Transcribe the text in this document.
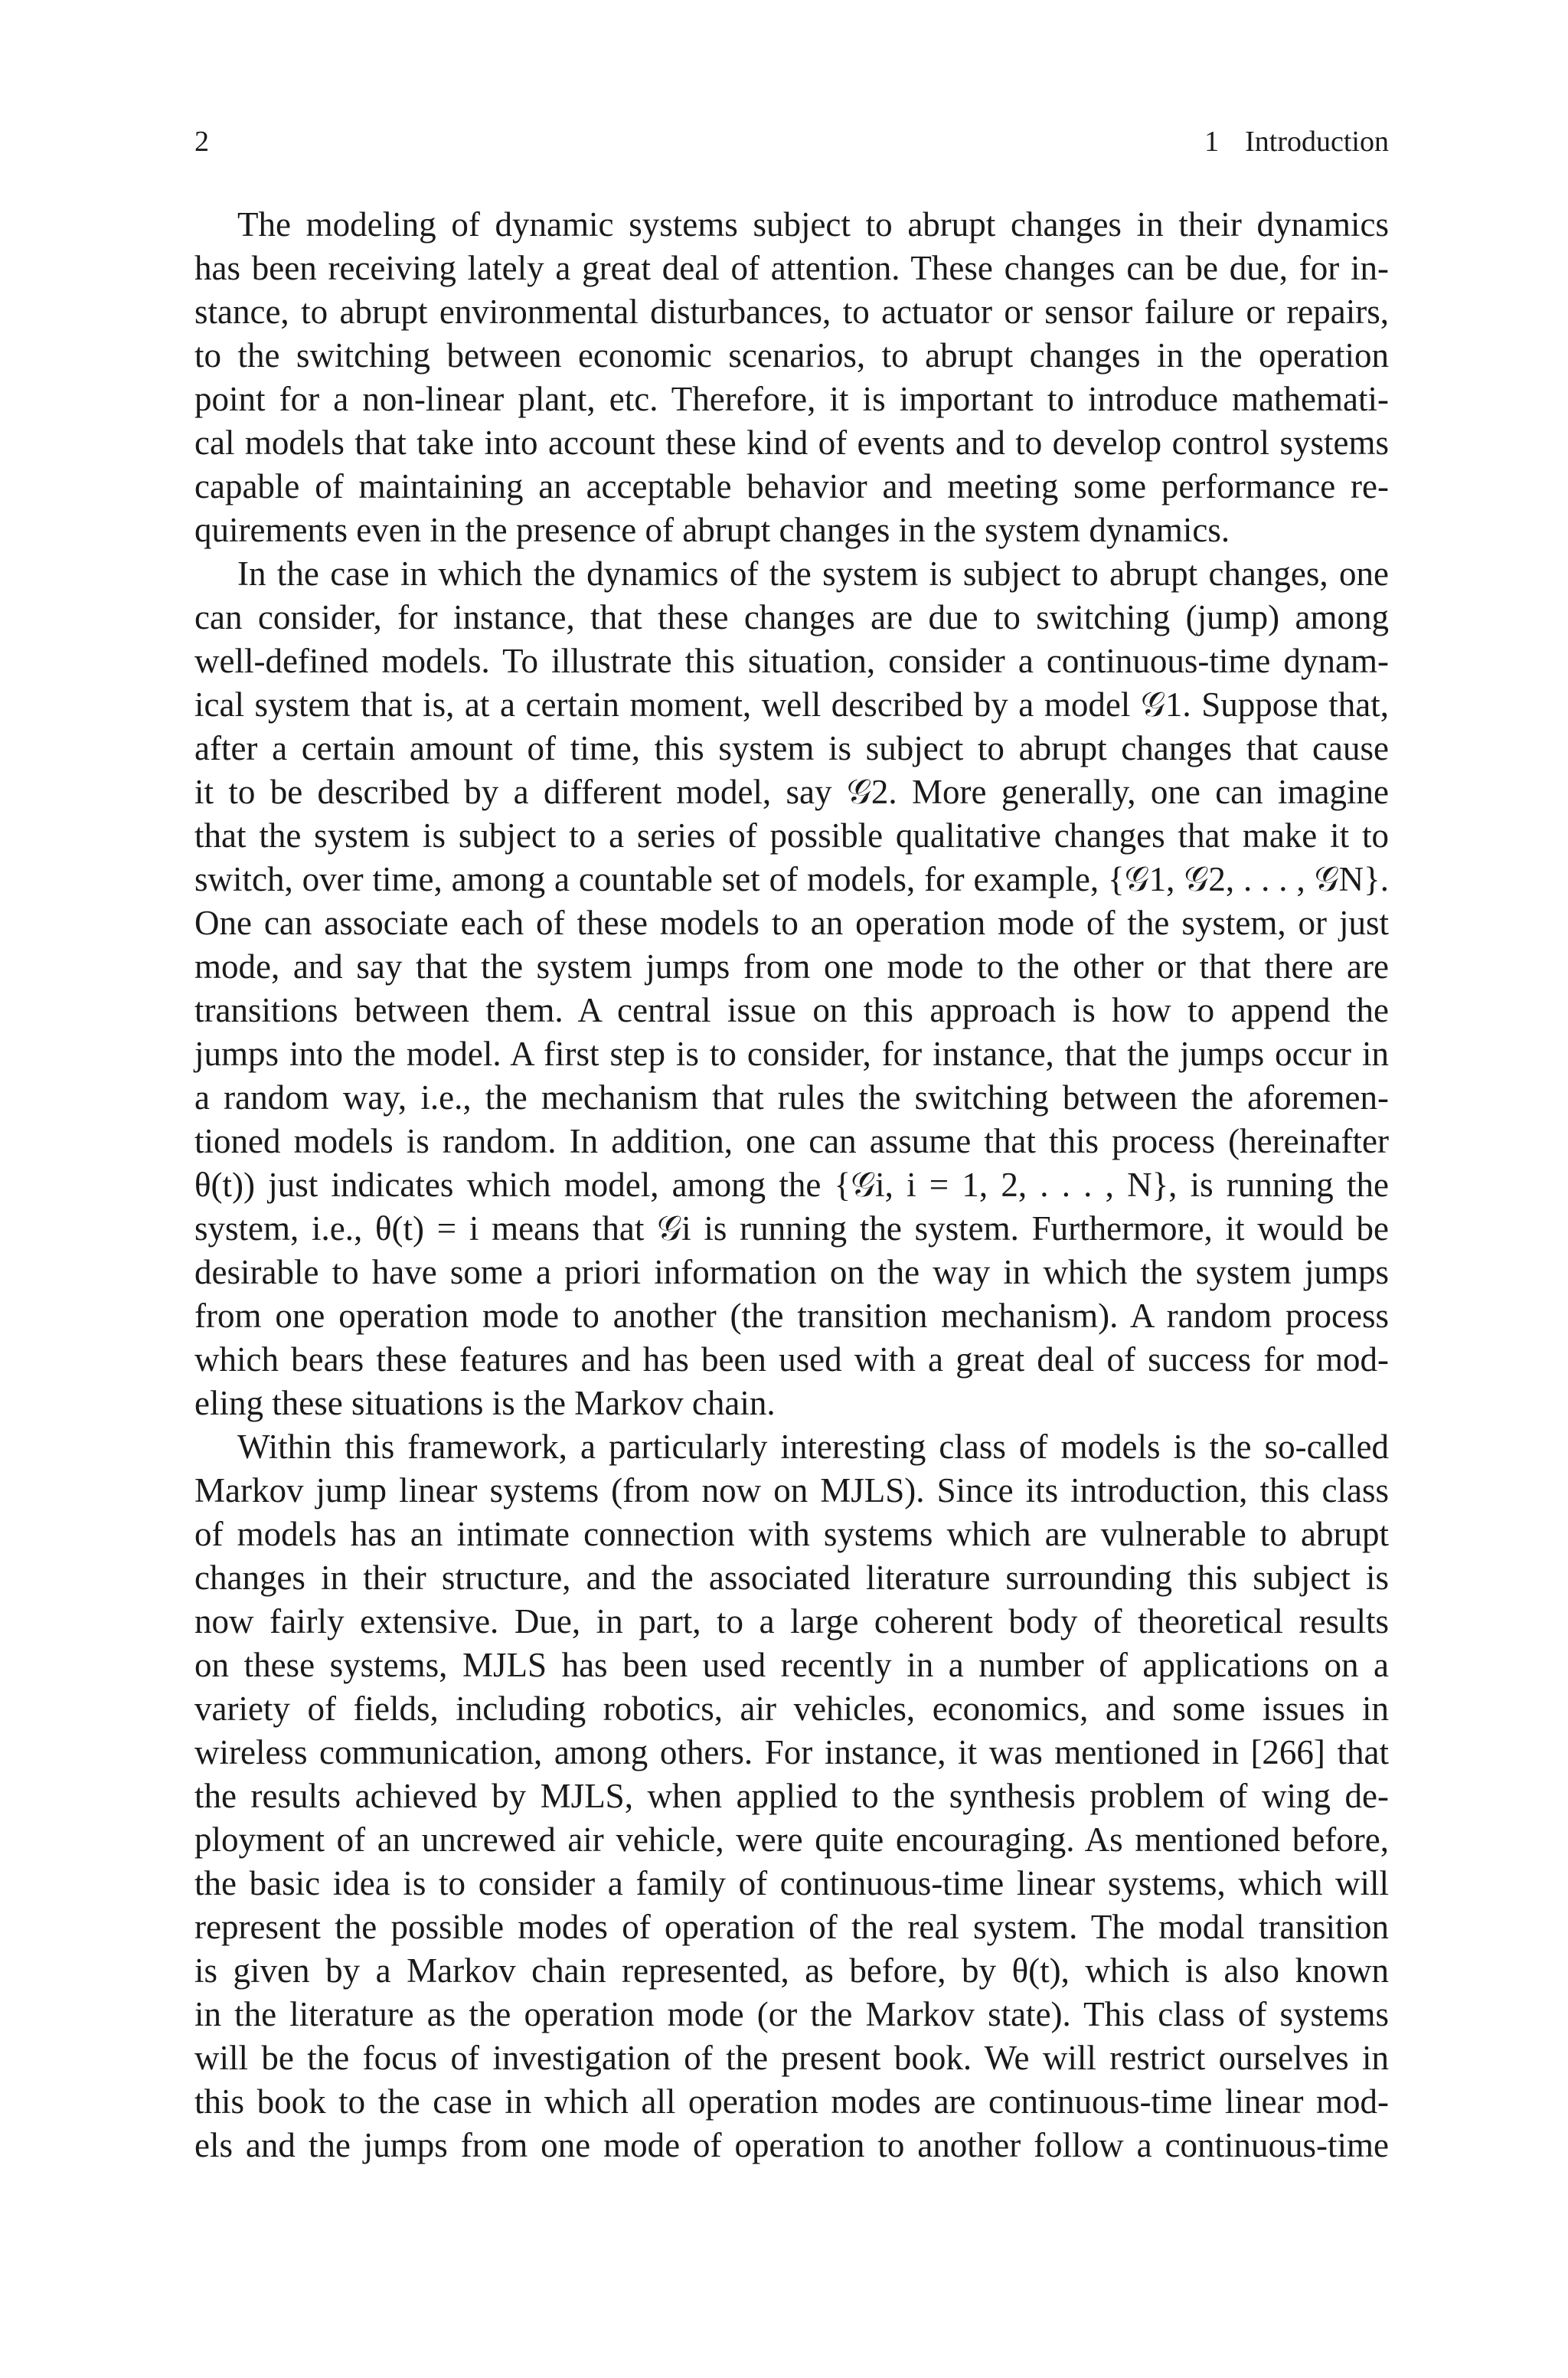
2	1 Introduction
The modeling of dynamic systems subject to abrupt changes in their dynamics
has been receiving lately a great deal of attention. These changes can be due, for in-
stance, to abrupt environmental disturbances, to actuator or sensor failure or repairs,
to the switching between economic scenarios, to abrupt changes in the operation
point for a non-linear plant, etc. Therefore, it is important to introduce mathemati-
cal models that take into account these kind of events and to develop control systems
capable of maintaining an acceptable behavior and meeting some performance re-
quirements even in the presence of abrupt changes in the system dynamics.
In the case in which the dynamics of the system is subject to abrupt changes, one
can consider, for instance, that these changes are due to switching (jump) among
well-defined models. To illustrate this situation, consider a continuous-time dynam-
ical system that is, at a certain moment, well described by a model 𝒢1. Suppose that,
after a certain amount of time, this system is subject to abrupt changes that cause
it to be described by a different model, say 𝒢2. More generally, one can imagine
that the system is subject to a series of possible qualitative changes that make it to
switch, over time, among a countable set of models, for example, {𝒢1, 𝒢2, . . . , 𝒢N}.
One can associate each of these models to an operation mode of the system, or just
mode, and say that the system jumps from one mode to the other or that there are
transitions between them. A central issue on this approach is how to append the
jumps into the model. A first step is to consider, for instance, that the jumps occur in
a random way, i.e., the mechanism that rules the switching between the aforemen-
tioned models is random. In addition, one can assume that this process (hereinafter
θ(t)) just indicates which model, among the {𝒢i, i = 1, 2, . . . , N}, is running the
system, i.e., θ(t) = i means that 𝒢i is running the system. Furthermore, it would be
desirable to have some a priori information on the way in which the system jumps
from one operation mode to another (the transition mechanism). A random process
which bears these features and has been used with a great deal of success for mod-
eling these situations is the Markov chain.
Within this framework, a particularly interesting class of models is the so-called
Markov jump linear systems (from now on MJLS). Since its introduction, this class
of models has an intimate connection with systems which are vulnerable to abrupt
changes in their structure, and the associated literature surrounding this subject is
now fairly extensive. Due, in part, to a large coherent body of theoretical results
on these systems, MJLS has been used recently in a number of applications on a
variety of fields, including robotics, air vehicles, economics, and some issues in
wireless communication, among others. For instance, it was mentioned in [266] that
the results achieved by MJLS, when applied to the synthesis problem of wing de-
ployment of an uncrewed air vehicle, were quite encouraging. As mentioned before,
the basic idea is to consider a family of continuous-time linear systems, which will
represent the possible modes of operation of the real system. The modal transition
is given by a Markov chain represented, as before, by θ(t), which is also known
in the literature as the operation mode (or the Markov state). This class of systems
will be the focus of investigation of the present book. We will restrict ourselves in
this book to the case in which all operation modes are continuous-time linear mod-
els and the jumps from one mode of operation to another follow a continuous-time
